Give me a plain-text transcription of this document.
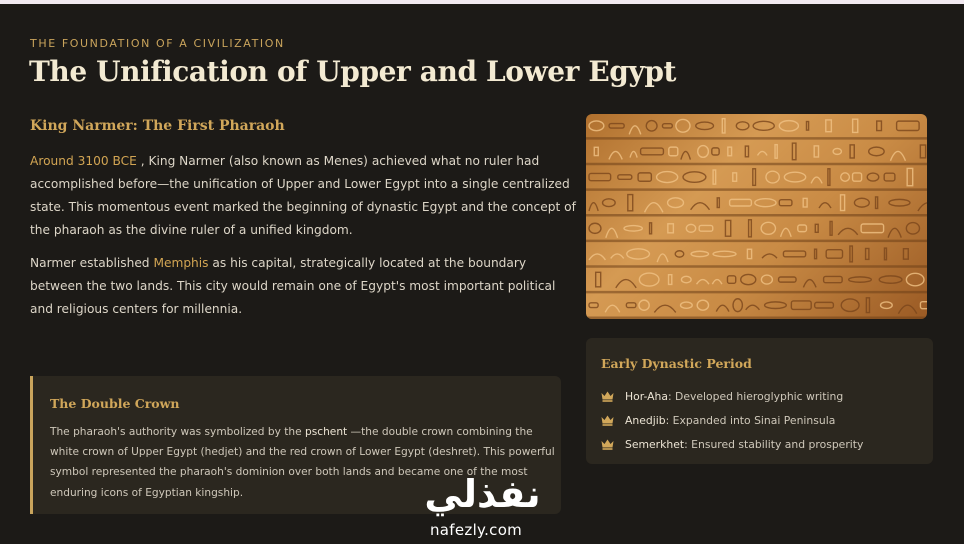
THE FOUNDATION OF A CIVILIZATION
The Unification of Upper and Lower Egypt
King Narmer: The First Pharaoh

Around 3100 BCE , King Narmer (also known as Menes) achieved what no ruler had accomplished before—the unification of Upper and Lower Egypt into a single centralized state. This momentous event marked the beginning of dynastic Egypt and the concept of the pharaoh as the divine ruler of a unified kingdom.

Narmer established Memphis as his capital, strategically located at the boundary between the two lands. This city would remain one of Egypt's most important political and religious centers for millennia.

The Double Crown

The pharaoh's authority was symbolized by the pschent —the double crown combining the white crown of Upper Egypt (hedjet) and the red crown of Lower Egypt (deshret). This powerful symbol represented the pharaoh's dominion over both lands and became one of the most enduring icons of Egyptian kingship.

Early Dynastic Period
Hor-Aha : Developed hieroglyphic writing
Anedjib : Expanded into Sinai Peninsula
Semerkhet : Ensured stability and prosperity
نفذلي
nafezly.com
